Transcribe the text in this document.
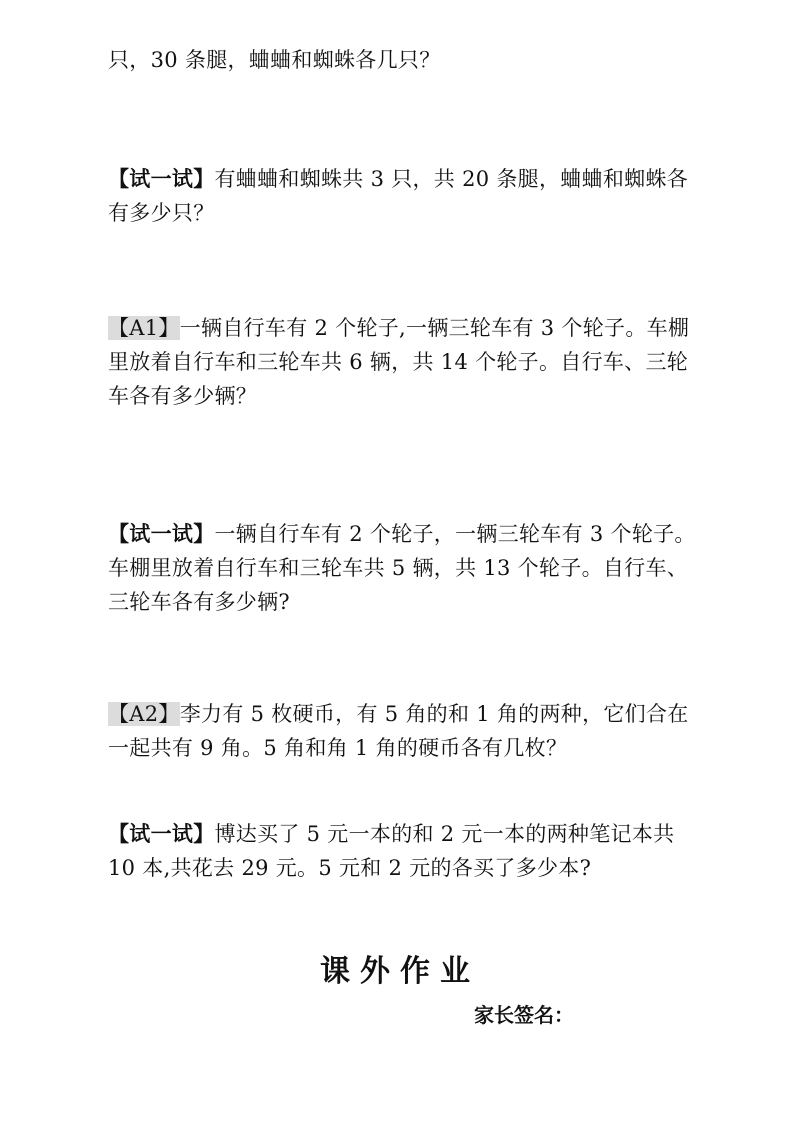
只，30 条腿，蛐蛐和蜘蛛各几只？

【试一试】有蛐蛐和蜘蛛共 3 只，共 20 条腿，蛐蛐和蜘蛛各有多少只？

【A1】一辆自行车有 2 个轮子,一辆三轮车有 3 个轮子。车棚里放着自行车和三轮车共 6 辆，共 14 个轮子。自行车、三轮车各有多少辆？

【试一试】一辆自行车有 2 个轮子，一辆三轮车有 3 个轮子。车棚里放着自行车和三轮车共 5 辆，共 13 个轮子。自行车、三轮车各有多少辆?

【A2】李力有 5 枚硬币，有 5 角的和 1 角的两种，它们合在一起共有 9 角。5 角和角 1 角的硬币各有几枚？

【试一试】博达买了 5 元一本的和 2 元一本的两种笔记本共 10 本,共花去 29 元。5 元和 2 元的各买了多少本?

课外作业

家长签名：
